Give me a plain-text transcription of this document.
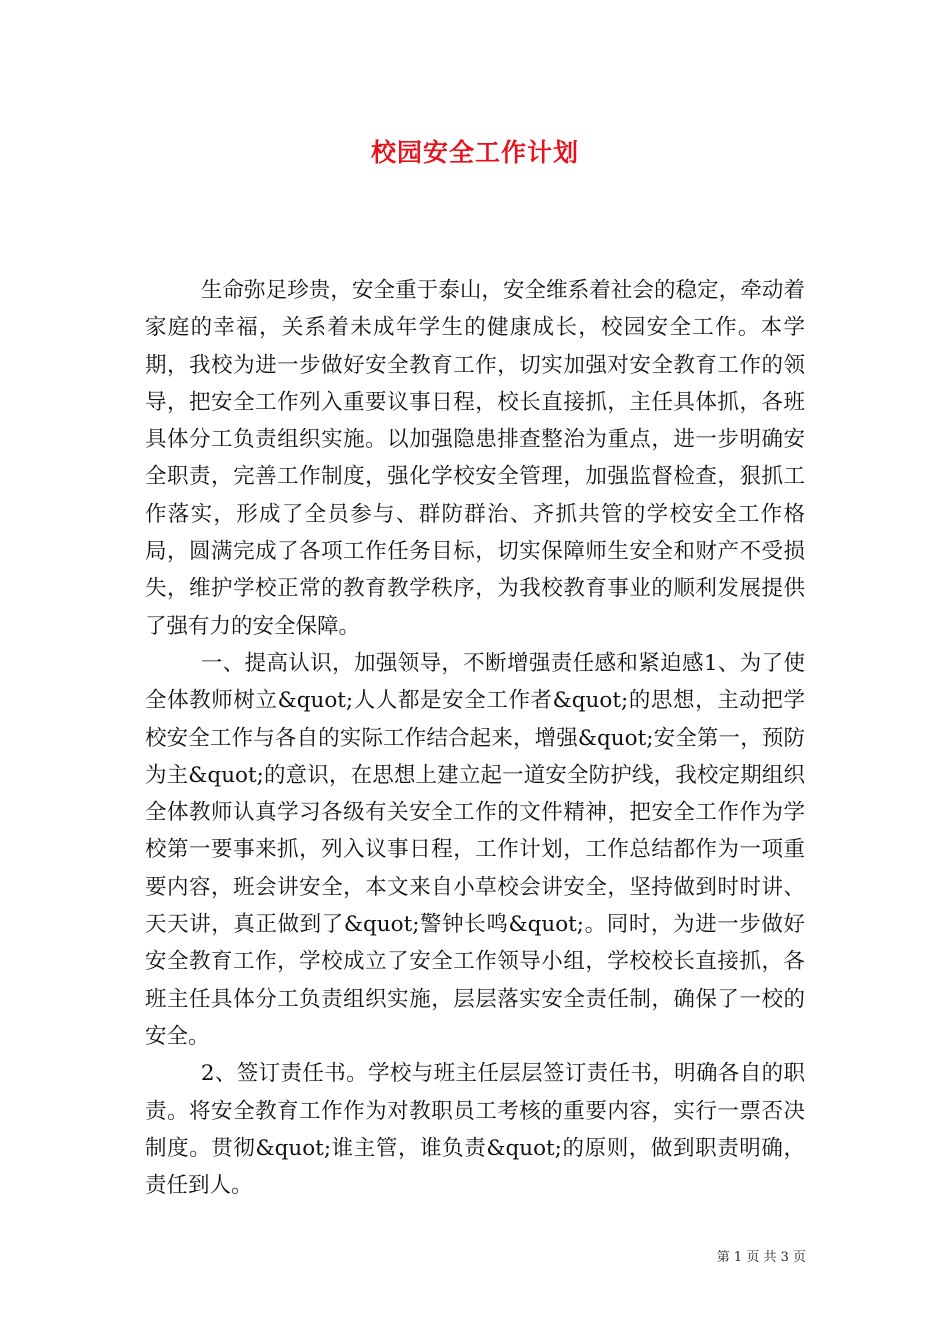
校园安全工作计划

生命弥足珍贵，安全重于泰山，安全维系着社会的稳定，牵动着家庭的幸福，关系着未成年学生的健康成长，校园安全工作。本学期，我校为进一步做好安全教育工作，切实加强对安全教育工作的领导，把安全工作列入重要议事日程，校长直接抓，主任具体抓，各班具体分工负责组织实施。以加强隐患排查整治为重点，进一步明确安全职责，完善工作制度，强化学校安全管理，加强监督检查，狠抓工作落实，形成了全员参与、群防群治、齐抓共管的学校安全工作格局，圆满完成了各项工作任务目标，切实保障师生安全和财产不受损失，维护学校正常的教育教学秩序，为我校教育事业的顺利发展提供了强有力的安全保障。

一、提高认识，加强领导，不断增强责任感和紧迫感1、为了使全体教师树立&quot;人人都是安全工作者&quot;的思想，主动把学校安全工作与各自的实际工作结合起来，增强&quot;安全第一，预防为主&quot;的意识，在思想上建立起一道安全防护线，我校定期组织全体教师认真学习各级有关安全工作的文件精神，把安全工作作为学校第一要事来抓，列入议事日程，工作计划，工作总结都作为一项重要内容，班会讲安全，本文来自小草校会讲安全，坚持做到时时讲、天天讲，真正做到了&quot;警钟长鸣&quot;。同时，为进一步做好安全教育工作，学校成立了安全工作领导小组，学校校长直接抓，各班主任具体分工负责组织实施，层层落实安全责任制，确保了一校的安全。

2、签订责任书。学校与班主任层层签订责任书，明确各自的职责。将安全教育工作作为对教职员工考核的重要内容，实行一票否决制度。贯彻&quot;谁主管，谁负责&quot;的原则，做到职责明确，责任到人。

第 1 页 共 3 页
